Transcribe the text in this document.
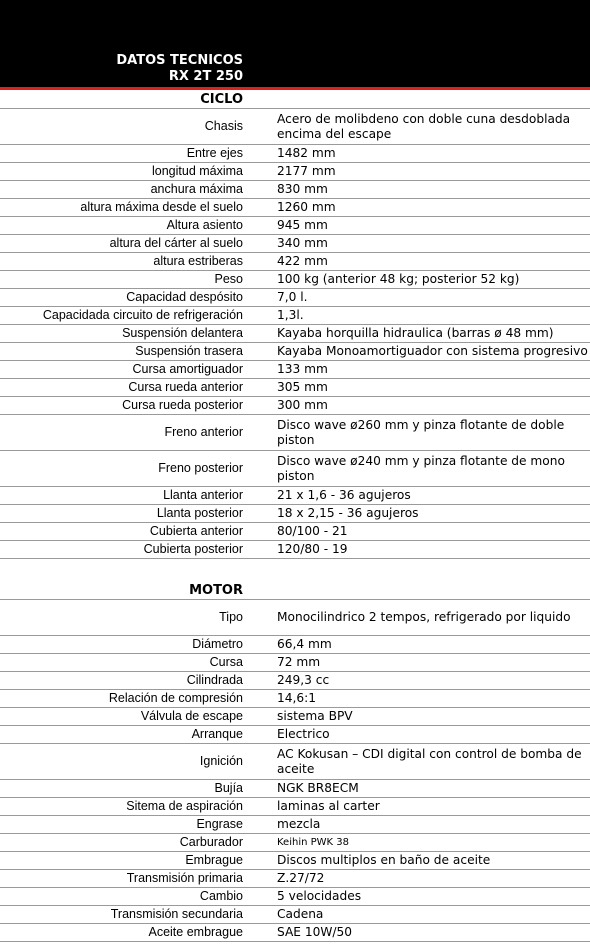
DATOS TECNICOS
RX 2T 250
CICLO
Chasis		Acero de molibdeno con doble cuna desdoblada encima del escape
Entre ejes		1482 mm
longitud máxima		2177 mm
anchura máxima		830 mm
altura máxima desde el suelo		1260 mm
Altura asiento		945 mm
altura del cárter al suelo		340 mm
altura estriberas		422 mm
Peso		100 kg (anterior 48 kg; posterior 52 kg)
Capacidad despósito		7,0 l.
Capacidada circuito de refrigeración		1,3l.
Suspensión delantera		Kayaba horquilla hidraulica (barras ø 48 mm)
Suspensión trasera		Kayaba Monoamortiguador con sistema progresivo
Cursa amortiguador		133 mm
Cursa rueda anterior		305 mm
Cursa rueda posterior		300 mm
Freno anterior		Disco wave ø260 mm y pinza flotante de doble piston
Freno posterior		Disco wave ø240 mm y pinza flotante de mono piston
Llanta anterior		21 x 1,6 - 36 agujeros
Llanta posterior		18 x 2,15 - 36 agujeros
Cubierta anterior		80/100 - 21
Cubierta posterior		120/80 - 19
MOTOR
Tipo		Monocilindrico 2 tempos, refrigerado por liquido
Diámetro		66,4 mm
Cursa		72 mm
Cilindrada		249,3 cc
Relación de compresión		14,6:1
Válvula de escape		sistema BPV
Arranque		Electrico
Ignición		AC Kokusan – CDI digital con control de bomba de aceite
Bujía		NGK BR8ECM
Sitema de aspiración		laminas al carter
Engrase		mezcla
Carburador		Keihin PWK 38
Embrague		Discos multiplos en baño de aceite
Transmisión primaria		Z.27/72
Cambio		5 velocidades
Transmisión secundaria		Cadena
Aceite embrague		SAE 10W/50
